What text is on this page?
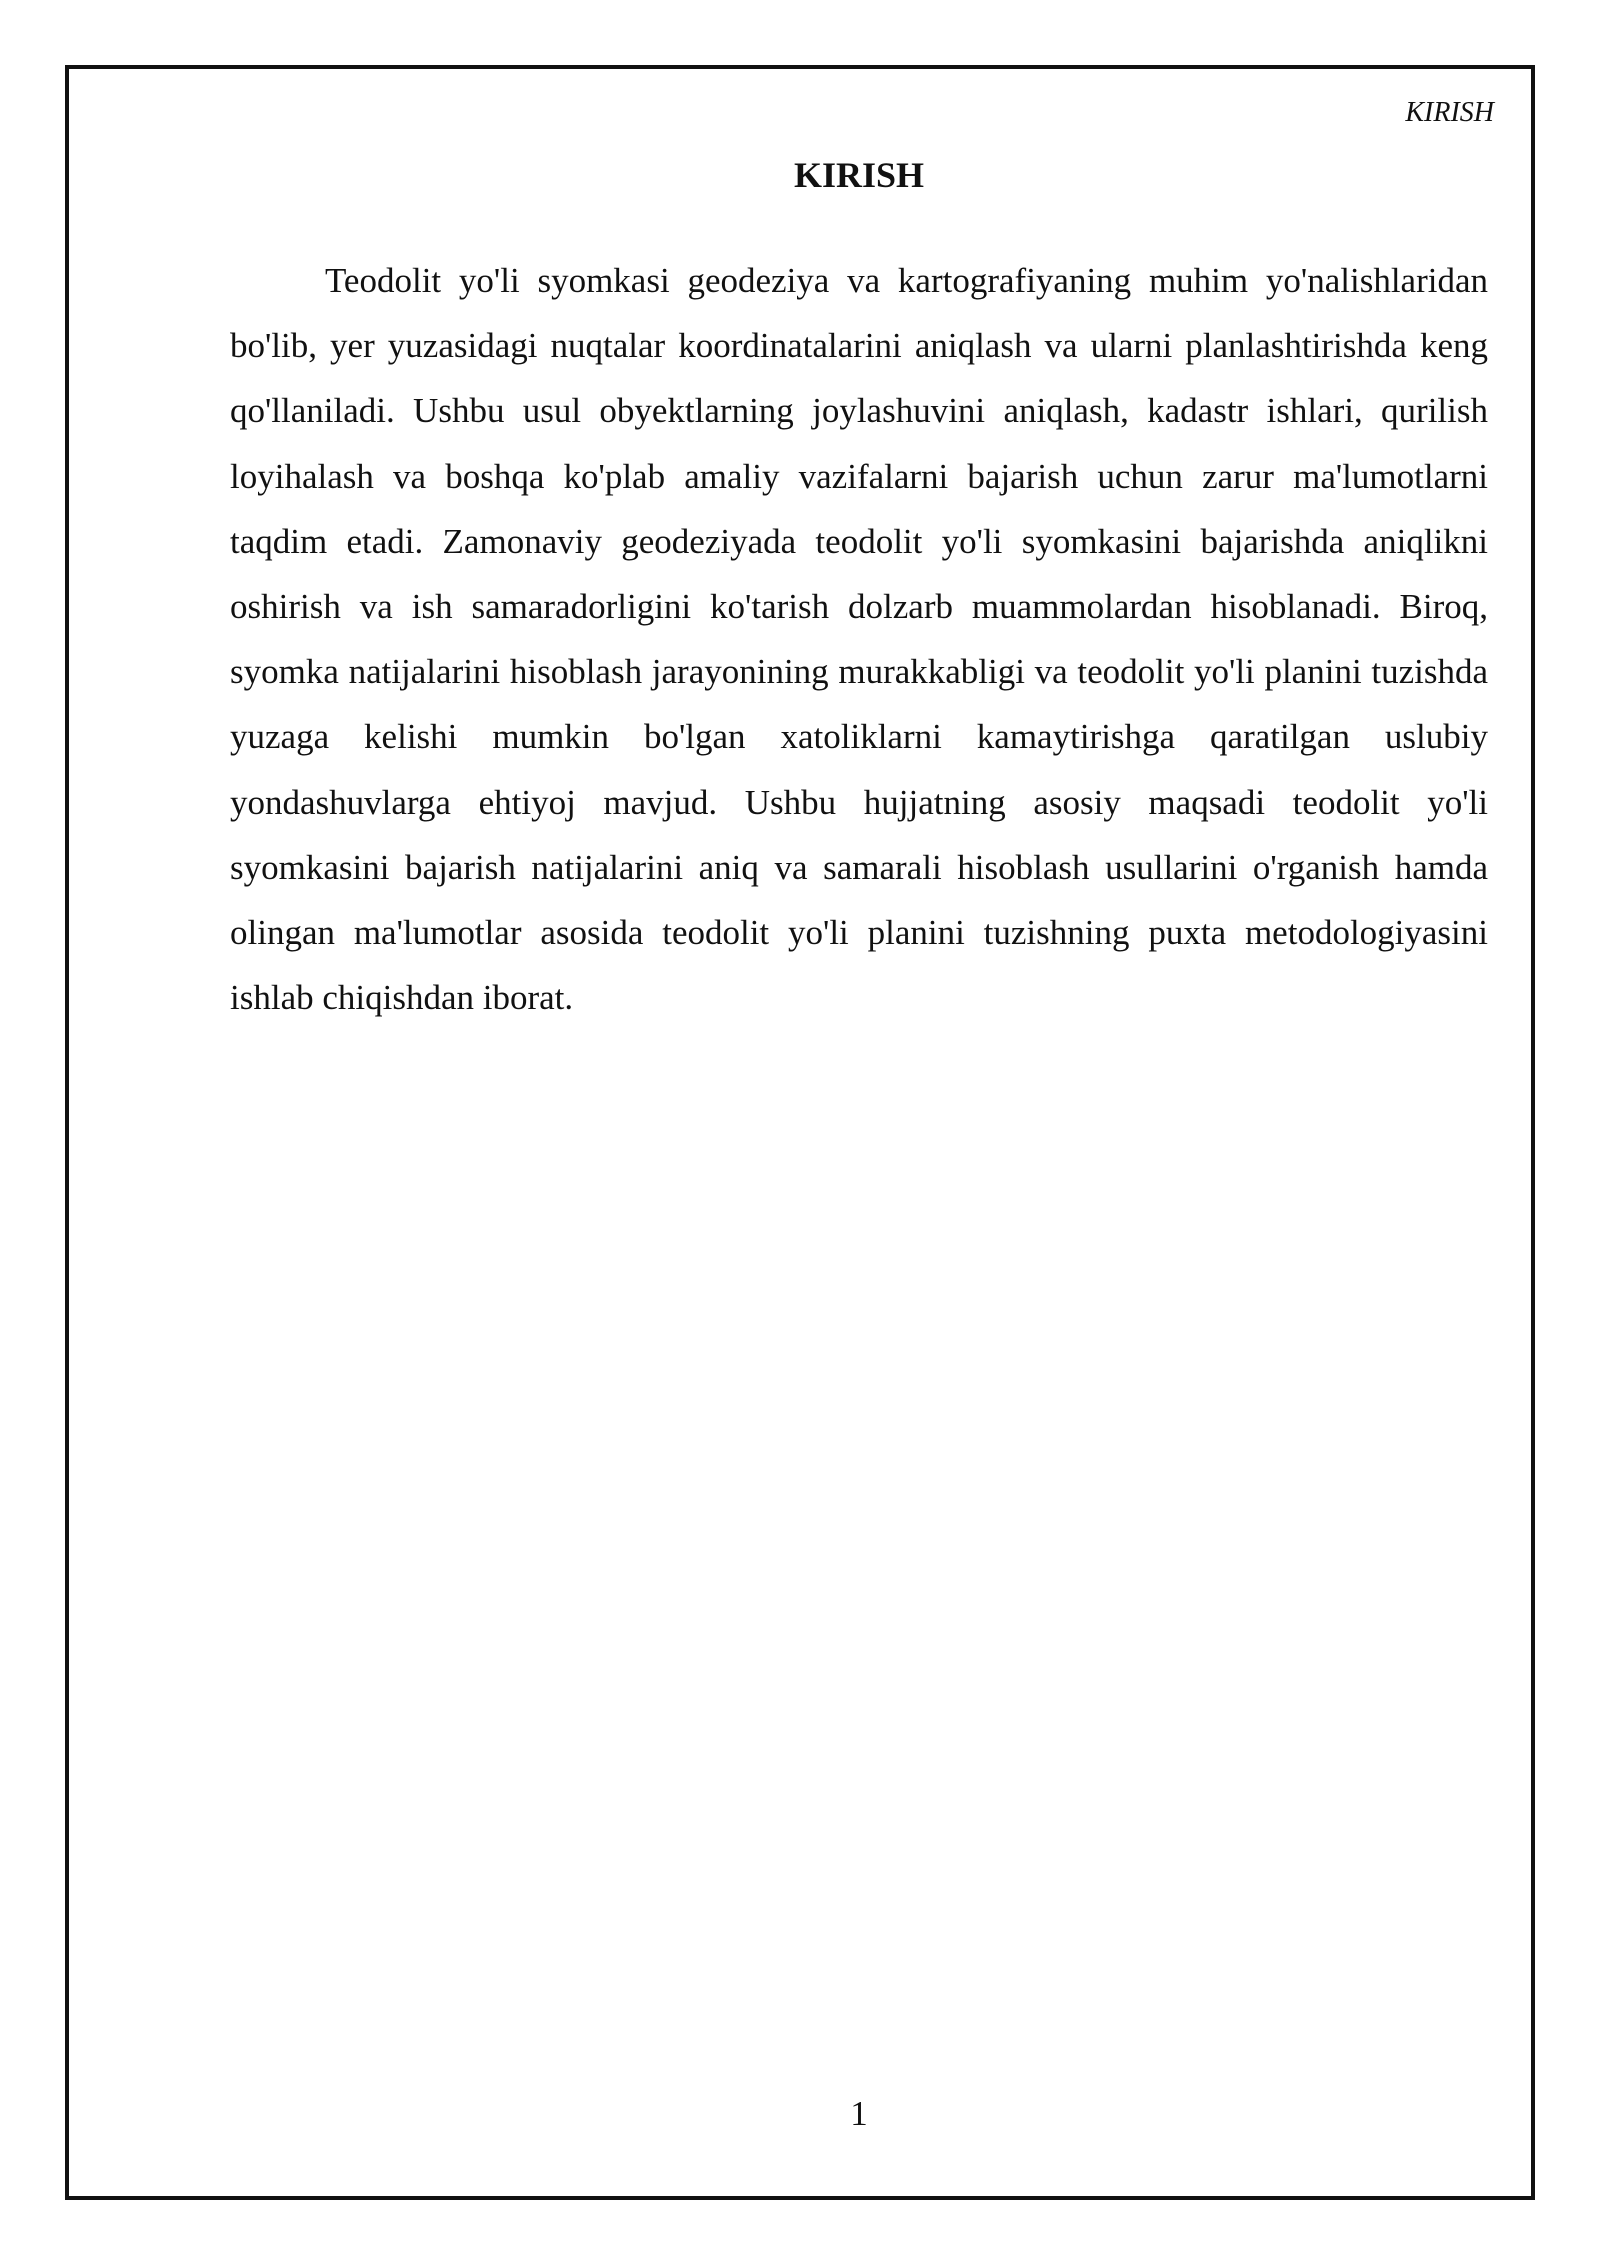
KIRISH
KIRISH

Teodolit yo'li syomkasi geodeziya va kartografiyaning muhim yo'nalishlaridan bo'lib, yer yuzasidagi nuqtalar koordinatalarini aniqlash va ularni planlashtirishda keng qo'llaniladi. Ushbu usul obyektlarning joylashuvini aniqlash, kadastr ishlari, qurilish loyihalash va boshqa ko'plab amaliy vazifalarni bajarish uchun zarur ma'lumotlarni taqdim etadi. Zamonaviy geodeziyada teodolit yo'li syomkasini bajarishda aniqlikni oshirish va ish samaradorligini ko'tarish dolzarb muammolardan hisoblanadi. Biroq, syomka natijalarini hisoblash jarayonining murakkabligi va teodolit yo'li planini tuzishda yuzaga kelishi mumkin bo'lgan xatoliklarni kamaytirishga qaratilgan uslubiy yondashuvlarga ehtiyoj mavjud. Ushbu hujjatning asosiy maqsadi teodolit yo'li syomkasini bajarish natijalarini aniq va samarali hisoblash usullarini o'rganish hamda olingan ma'lumotlar asosida teodolit yo'li planini tuzishning puxta metodologiyasini ishlab chiqishdan iborat.

1
